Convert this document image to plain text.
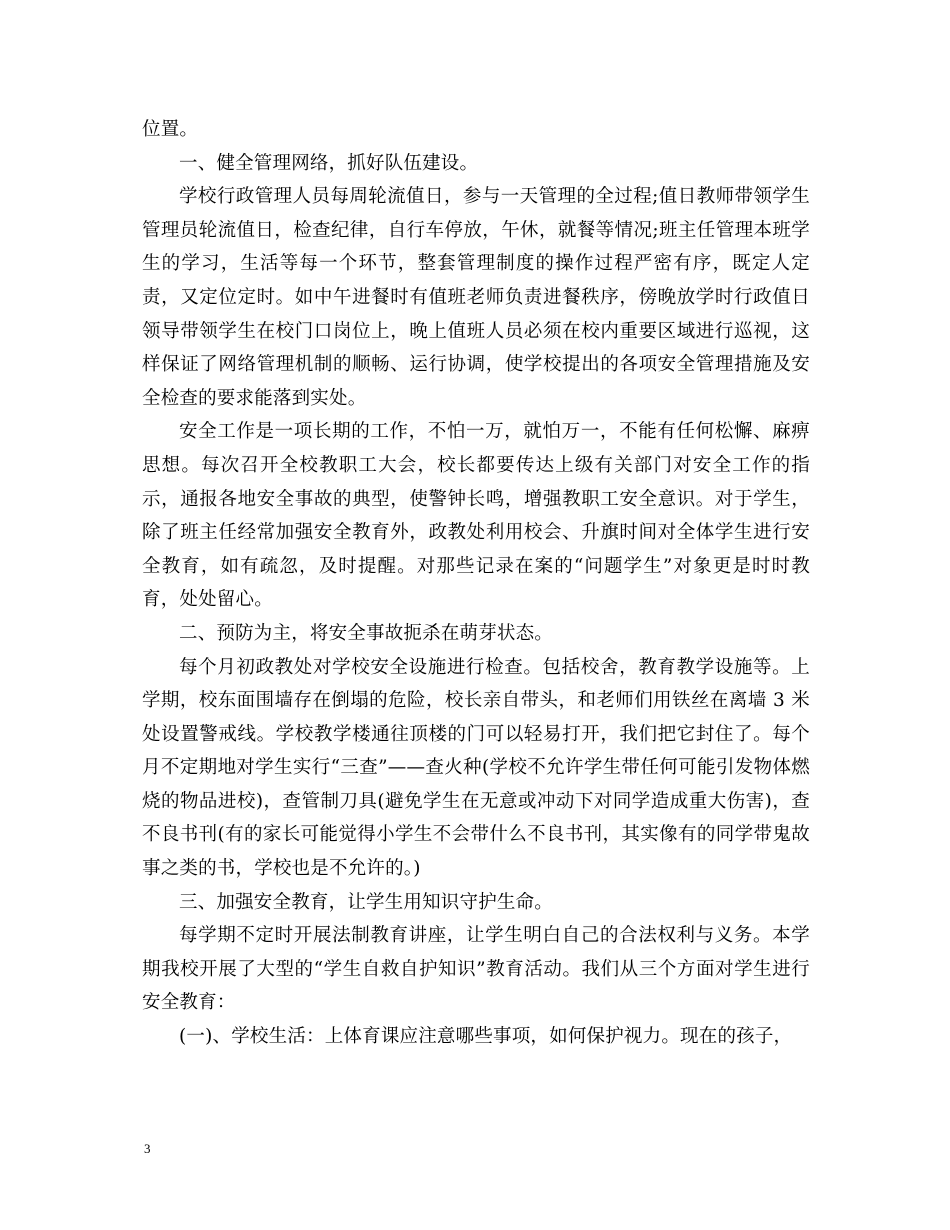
位置。

一、健全管理网络，抓好队伍建设。

学校行政管理人员每周轮流值日，参与一天管理的全过程;值日教师带领学生管理员轮流值日，检查纪律，自行车停放，午休，就餐等情况;班主任管理本班学生的学习，生活等每一个环节，整套管理制度的操作过程严密有序，既定人定责，又定位定时。如中午进餐时有值班老师负责进餐秩序，傍晚放学时行政值日领导带领学生在校门口岗位上，晚上值班人员必须在校内重要区域进行巡视，这样保证了网络管理机制的顺畅、运行协调，使学校提出的各项安全管理措施及安全检查的要求能落到实处。

安全工作是一项长期的工作，不怕一万，就怕万一，不能有任何松懈、麻痹思想。每次召开全校教职工大会，校长都要传达上级有关部门对安全工作的指示，通报各地安全事故的典型，使警钟长鸣，增强教职工安全意识。对于学生，除了班主任经常加强安全教育外，政教处利用校会、升旗时间对全体学生进行安全教育，如有疏忽，及时提醒。对那些记录在案的“问题学生”对象更是时时教育，处处留心。

二、预防为主，将安全事故扼杀在萌芽状态。

每个月初政教处对学校安全设施进行检查。包括校舍，教育教学设施等。上学期，校东面围墙存在倒塌的危险，校长亲自带头，和老师们用铁丝在离墙 3 米处设置警戒线。学校教学楼通往顶楼的门可以轻易打开，我们把它封住了。每个月不定期地对学生实行“三查”——查火种(学校不允许学生带任何可能引发物体燃烧的物品进校)，查管制刀具(避免学生在无意或冲动下对同学造成重大伤害)，查不良书刊(有的家长可能觉得小学生不会带什么不良书刊，其实像有的同学带鬼故事之类的书，学校也是不允许的。)

三、加强安全教育，让学生用知识守护生命。

每学期不定时开展法制教育讲座，让学生明白自己的合法权利与义务。本学期我校开展了大型的“学生自救自护知识”教育活动。我们从三个方面对学生进行安全教育：

(一)、学校生活：上体育课应注意哪些事项，如何保护视力。现在的孩子，

3
